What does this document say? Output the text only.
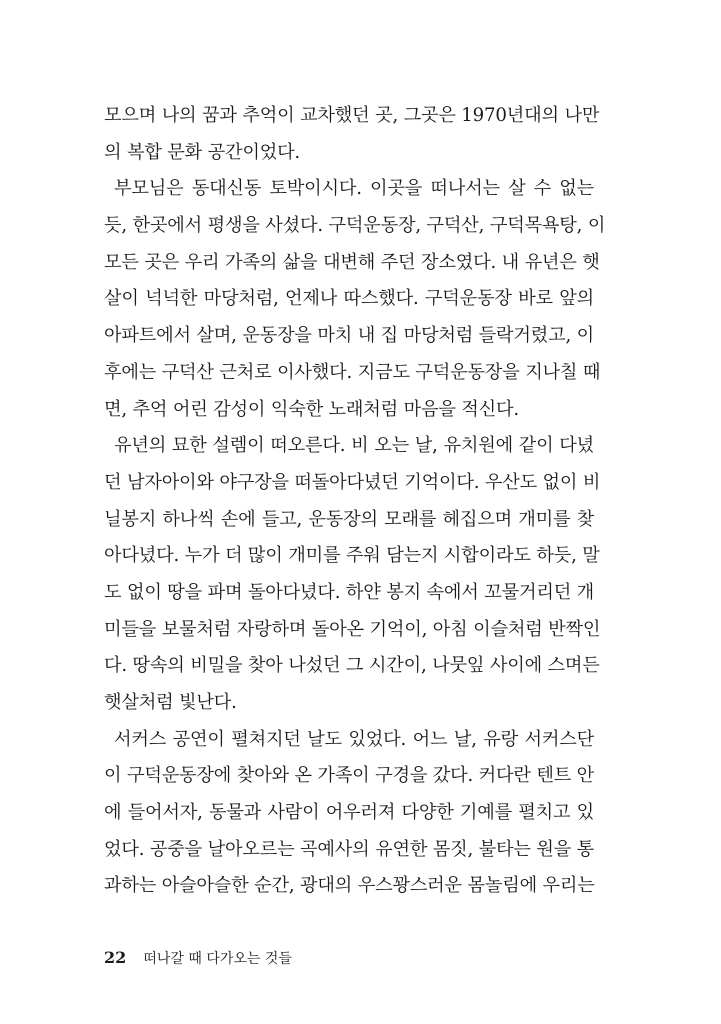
모으며 나의 꿈과 추억이 교차했던 곳, 그곳은 1970년대의 나만
의 복합 문화 공간이었다.
부모님은 동대신동 토박이시다. 이곳을 떠나서는 살 수 없는
듯, 한곳에서 평생을 사셨다. 구덕운동장, 구덕산, 구덕목욕탕, 이
모든 곳은 우리 가족의 삶을 대변해 주던 장소였다. 내 유년은 햇
살이 넉넉한 마당처럼, 언제나 따스했다. 구덕운동장 바로 앞의
아파트에서 살며, 운동장을 마치 내 집 마당처럼 들락거렸고, 이
후에는 구덕산 근처로 이사했다. 지금도 구덕운동장을 지나칠 때
면, 추억 어린 감성이 익숙한 노래처럼 마음을 적신다.
유년의 묘한 설렘이 떠오른다. 비 오는 날, 유치원에 같이 다녔
던 남자아이와 야구장을 떠돌아다녔던 기억이다. 우산도 없이 비
닐봉지 하나씩 손에 들고, 운동장의 모래를 헤집으며 개미를 찾
아다녔다. 누가 더 많이 개미를 주워 담는지 시합이라도 하듯, 말
도 없이 땅을 파며 돌아다녔다. 하얀 봉지 속에서 꼬물거리던 개
미들을 보물처럼 자랑하며 돌아온 기억이, 아침 이슬처럼 반짝인
다. 땅속의 비밀을 찾아 나섰던 그 시간이, 나뭇잎 사이에 스며든
햇살처럼 빛난다.
서커스 공연이 펼쳐지던 날도 있었다. 어느 날, 유랑 서커스단
이 구덕운동장에 찾아와 온 가족이 구경을 갔다. 커다란 텐트 안
에 들어서자, 동물과 사람이 어우러져 다양한 기예를 펼치고 있
었다. 공중을 날아오르는 곡예사의 유연한 몸짓, 불타는 원을 통
과하는 아슬아슬한 순간, 광대의 우스꽝스러운 몸놀림에 우리는
22 떠나갈 때 다가오는 것들
